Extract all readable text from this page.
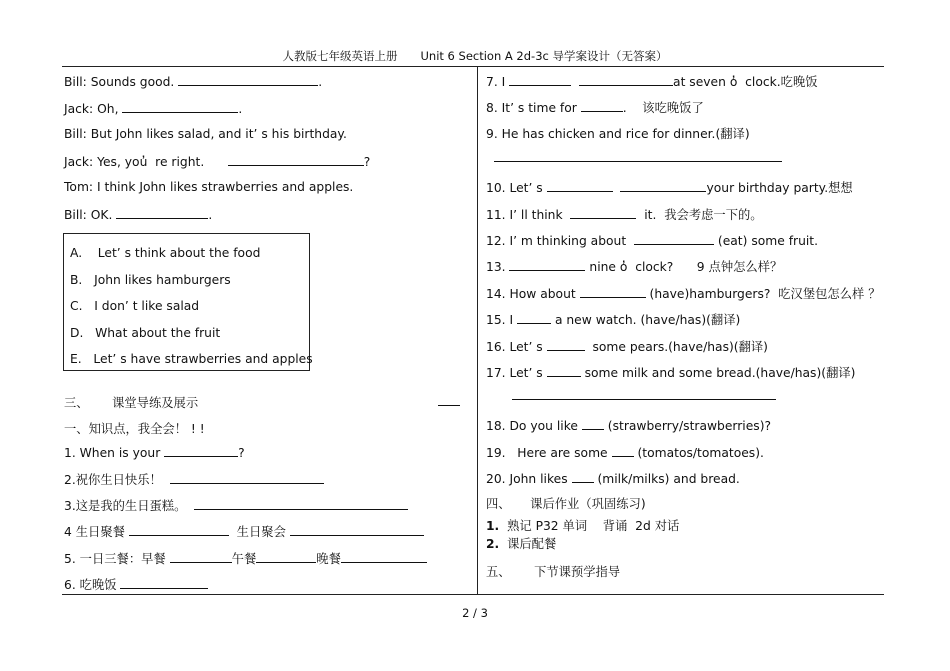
人教版七年级英语上册　　Unit 6 Section A 2d-3c 导学案设计（无答案）
Bill: Sounds good.	.
Jack: Oh,	.
Bill: But John likes salad, and it’ s his birthday.
Jack: Yes, you̓  re right.	?
Tom: I think John likes strawberries and apples.
Bill: OK.	.
A.    Let’ s think about the food
B.   John likes hamburgers
C.   I don’ t like salad
D.   What about the fruit
E.   Let’ s have strawberries and apples
三、 课堂导练及展示
一、知识点，我全会！ ! !
1. When is your	?
2.祝你生日快乐！
3.这是我的生日蛋糕。
4 生日聚餐	生日聚会
5. 一日三餐：早餐	午餐	晚餐
6. 吃晚饭
7. I	at seven o̓  clock.吃晚饭
8. It’ s time for	.    该吃晚饭了
9. He has chicken and rice for dinner.(翻译)
10. Let’ s	your birthday party.想想
11. I’ ll think	it.  我会考虑一下的。
12. I’ m thinking about	(eat) some fruit.
13.	nine o̓  clock?      9 点钟怎么样？
14. How about	(have)hamburgers?  吃汉堡包怎么样 ？
15. I	a new watch. (have/has)(翻译)
16. Let’ s	some pears.(have/has)(翻译)
17. Let’ s	some milk and some bread.(have/has)(翻译)
18. Do you like (strawberry/strawberries)?
19.   Here are some (tomatos/tomatoes).
20. John likes (milk/milks) and bread.
四、 课后作业（巩固练习)
1. 熟记 P32 单词    背诵  2d 对话
2. 课后配餐
五、 下节课预学指导
2 / 3
